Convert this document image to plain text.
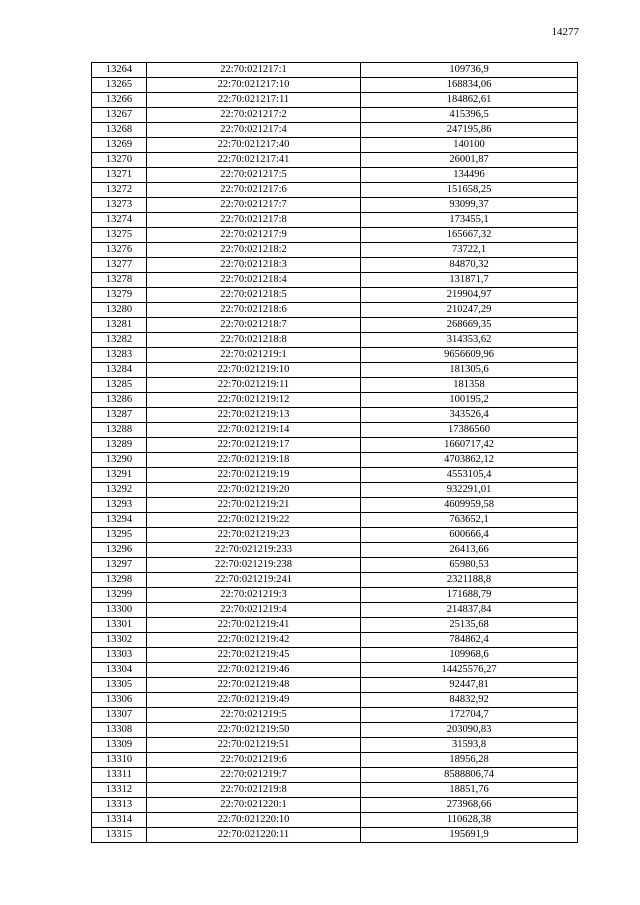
14277
13264	22:70:021217:1	109736,9
13265	22:70:021217:10	168834,06
13266	22:70:021217:11	184862,61
13267	22:70:021217:2	415396,5
13268	22:70:021217:4	247195,86
13269	22:70:021217:40	140100
13270	22:70:021217:41	26001,87
13271	22:70:021217:5	134496
13272	22:70:021217:6	151658,25
13273	22:70:021217:7	93099,37
13274	22:70:021217:8	173455,1
13275	22:70:021217:9	165667,32
13276	22:70:021218:2	73722,1
13277	22:70:021218:3	84870,32
13278	22:70:021218:4	131871,7
13279	22:70:021218:5	219904,97
13280	22:70:021218:6	210247,29
13281	22:70:021218:7	268669,35
13282	22:70:021218:8	314353,62
13283	22:70:021219:1	9656609,96
13284	22:70:021219:10	181305,6
13285	22:70:021219:11	181358
13286	22:70:021219:12	100195,2
13287	22:70:021219:13	343526,4
13288	22:70:021219:14	17386560
13289	22:70:021219:17	1660717,42
13290	22:70:021219:18	4703862,12
13291	22:70:021219:19	4553105,4
13292	22:70:021219:20	932291,01
13293	22:70:021219:21	4609959,58
13294	22:70:021219:22	763652,1
13295	22:70:021219:23	600666,4
13296	22:70:021219:233	26413,66
13297	22:70:021219:238	65980,53
13298	22:70:021219:241	2321188,8
13299	22:70:021219:3	171688,79
13300	22:70:021219:4	214837,84
13301	22:70:021219:41	25135,68
13302	22:70:021219:42	784862,4
13303	22:70:021219:45	109968,6
13304	22:70:021219:46	14425576,27
13305	22:70:021219:48	92447,81
13306	22:70:021219:49	84832,92
13307	22:70:021219:5	172704,7
13308	22:70:021219:50	203090,83
13309	22:70:021219:51	31593,8
13310	22:70:021219:6	18956,28
13311	22:70:021219:7	8588806,74
13312	22:70:021219:8	18851,76
13313	22:70:021220:1	273968,66
13314	22:70:021220:10	110628,38
13315	22:70:021220:11	195691,9
